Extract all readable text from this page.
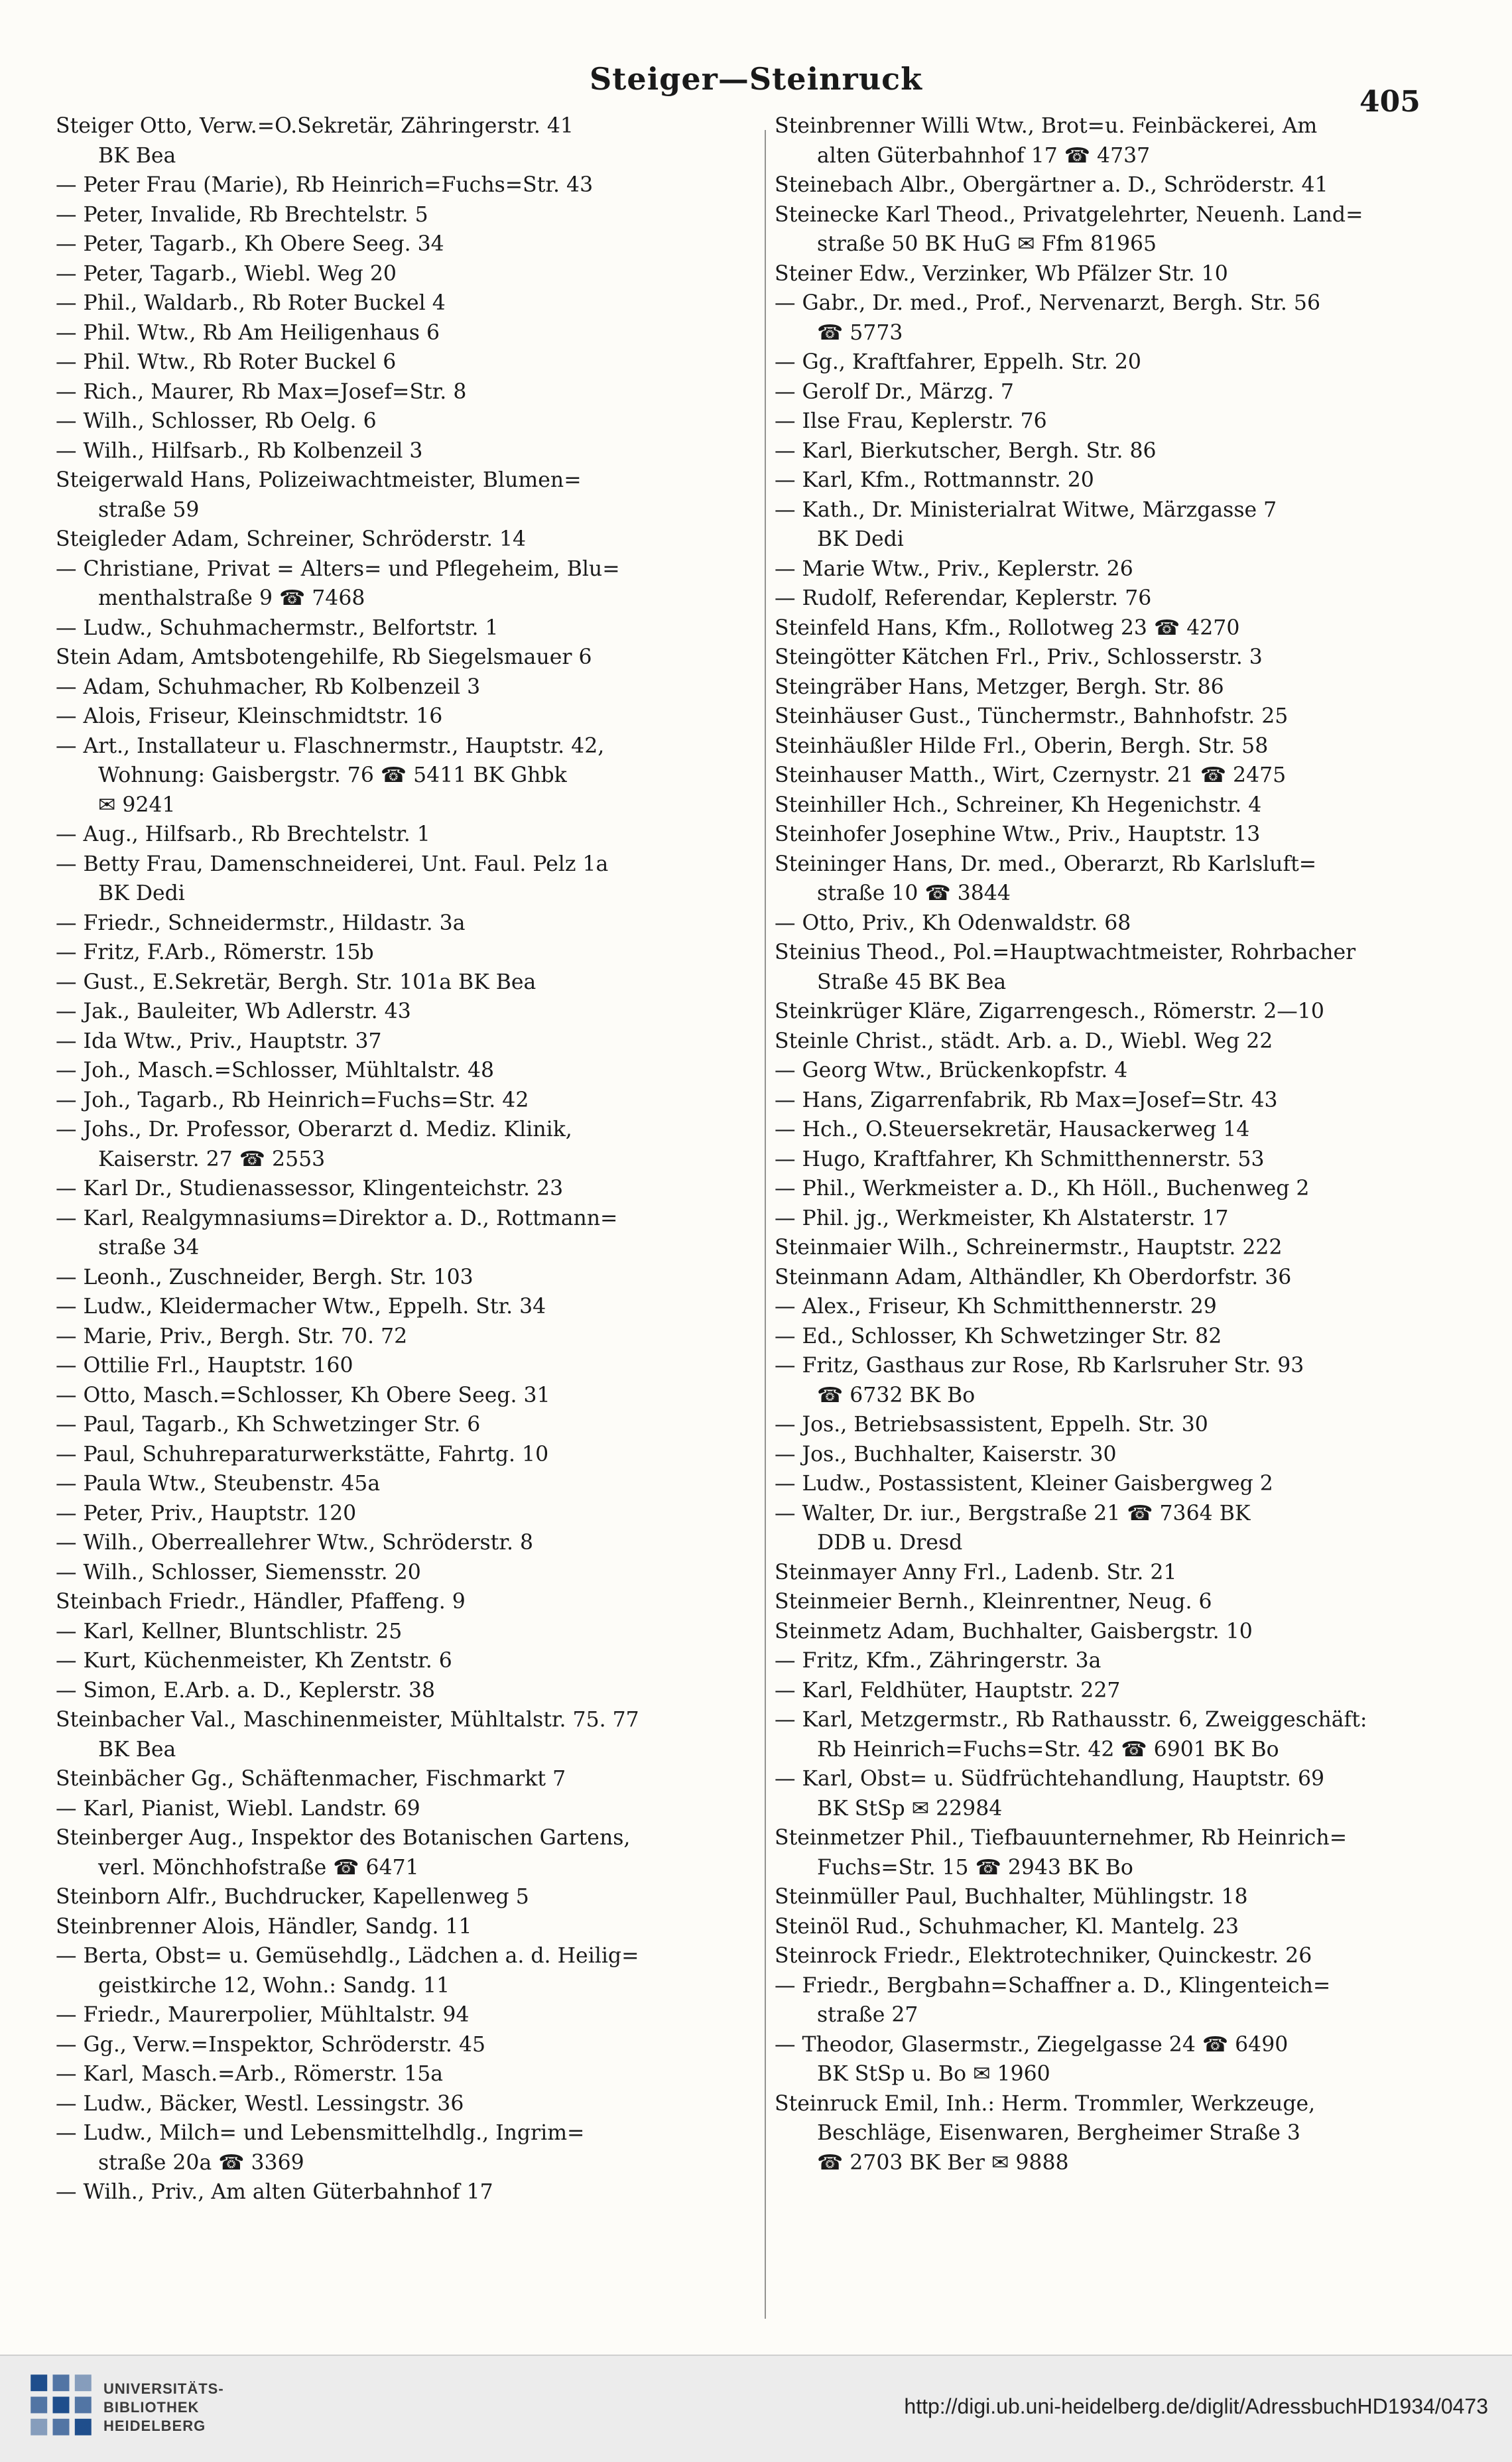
Steiger—Steinruck
405

Steiger Otto, Verw.=O.Sekretär, Zähringerstr. 41

BK Bea

— Peter Frau (Marie), Rb Heinrich=Fuchs=Str. 43

— Peter, Invalide, Rb Brechtelstr. 5

— Peter, Tagarb., Kh Obere Seeg. 34

— Peter, Tagarb., Wiebl. Weg 20

— Phil., Waldarb., Rb Roter Buckel 4

— Phil. Wtw., Rb Am Heiligenhaus 6

— Phil. Wtw., Rb Roter Buckel 6

— Rich., Maurer, Rb Max=Josef=Str. 8

— Wilh., Schlosser, Rb Oelg. 6

— Wilh., Hilfsarb., Rb Kolbenzeil 3

Steigerwald Hans, Polizeiwachtmeister, Blumen=

straße 59

Steigleder Adam, Schreiner, Schröderstr. 14

— Christiane, Privat = Alters= und Pflegeheim, Blu=

menthalstraße 9 ☎ 7468

— Ludw., Schuhmachermstr., Belfortstr. 1

Stein Adam, Amtsbotengehilfe, Rb Siegelsmauer 6

— Adam, Schuhmacher, Rb Kolbenzeil 3

— Alois, Friseur, Kleinschmidtstr. 16

— Art., Installateur u. Flaschnermstr., Hauptstr. 42,

Wohnung: Gaisbergstr. 76 ☎ 5411 BK Ghbk

✉ 9241

— Aug., Hilfsarb., Rb Brechtelstr. 1

— Betty Frau, Damenschneiderei, Unt. Faul. Pelz 1a

BK Dedi

— Friedr., Schneidermstr., Hildastr. 3a

— Fritz, F.Arb., Römerstr. 15b

— Gust., E.Sekretär, Bergh. Str. 101a BK Bea

— Jak., Bauleiter, Wb Adlerstr. 43

— Ida Wtw., Priv., Hauptstr. 37

— Joh., Masch.=Schlosser, Mühltalstr. 48

— Joh., Tagarb., Rb Heinrich=Fuchs=Str. 42

— Johs., Dr. Professor, Oberarzt d. Mediz. Klinik,

Kaiserstr. 27 ☎ 2553

— Karl Dr., Studienassessor, Klingenteichstr. 23

— Karl, Realgymnasiums=Direktor a. D., Rottmann=

straße 34

— Leonh., Zuschneider, Bergh. Str. 103

— Ludw., Kleidermacher Wtw., Eppelh. Str. 34

— Marie, Priv., Bergh. Str. 70. 72

— Ottilie Frl., Hauptstr. 160

— Otto, Masch.=Schlosser, Kh Obere Seeg. 31

— Paul, Tagarb., Kh Schwetzinger Str. 6

— Paul, Schuhreparaturwerkstätte, Fahrtg. 10

— Paula Wtw., Steubenstr. 45a

— Peter, Priv., Hauptstr. 120

— Wilh., Oberreallehrer Wtw., Schröderstr. 8

— Wilh., Schlosser, Siemensstr. 20

Steinbach Friedr., Händler, Pfaffeng. 9

— Karl, Kellner, Bluntschlistr. 25

— Kurt, Küchenmeister, Kh Zentstr. 6

— Simon, E.Arb. a. D., Keplerstr. 38

Steinbacher Val., Maschinenmeister, Mühltalstr. 75. 77

BK Bea

Steinbächer Gg., Schäftenmacher, Fischmarkt 7

— Karl, Pianist, Wiebl. Landstr. 69

Steinberger Aug., Inspektor des Botanischen Gartens,

verl. Mönchhofstraße ☎ 6471

Steinborn Alfr., Buchdrucker, Kapellenweg 5

Steinbrenner Alois, Händler, Sandg. 11

— Berta, Obst= u. Gemüsehdlg., Lädchen a. d. Heilig=

geistkirche 12, Wohn.: Sandg. 11

— Friedr., Maurerpolier, Mühltalstr. 94

— Gg., Verw.=Inspektor, Schröderstr. 45

— Karl, Masch.=Arb., Römerstr. 15a

— Ludw., Bäcker, Westl. Lessingstr. 36

— Ludw., Milch= und Lebensmittelhdlg., Ingrim=

straße 20a ☎ 3369

— Wilh., Priv., Am alten Güterbahnhof 17

Steinbrenner Willi Wtw., Brot=u. Feinbäckerei, Am

alten Güterbahnhof 17 ☎ 4737

Steinebach Albr., Obergärtner a. D., Schröderstr. 41

Steinecke Karl Theod., Privatgelehrter, Neuenh. Land=

straße 50 BK HuG ✉ Ffm 81965

Steiner Edw., Verzinker, Wb Pfälzer Str. 10

— Gabr., Dr. med., Prof., Nervenarzt, Bergh. Str. 56

☎ 5773

— Gg., Kraftfahrer, Eppelh. Str. 20

— Gerolf Dr., Märzg. 7

— Ilse Frau, Keplerstr. 76

— Karl, Bierkutscher, Bergh. Str. 86

— Karl, Kfm., Rottmannstr. 20

— Kath., Dr. Ministerialrat Witwe, Märzgasse 7

BK Dedi

— Marie Wtw., Priv., Keplerstr. 26

— Rudolf, Referendar, Keplerstr. 76

Steinfeld Hans, Kfm., Rollotweg 23 ☎ 4270

Steingötter Kätchen Frl., Priv., Schlosserstr. 3

Steingräber Hans, Metzger, Bergh. Str. 86

Steinhäuser Gust., Tünchermstr., Bahnhofstr. 25

Steinhäußler Hilde Frl., Oberin, Bergh. Str. 58

Steinhauser Matth., Wirt, Czernystr. 21 ☎ 2475

Steinhiller Hch., Schreiner, Kh Hegenichstr. 4

Steinhofer Josephine Wtw., Priv., Hauptstr. 13

Steininger Hans, Dr. med., Oberarzt, Rb Karlsluft=

straße 10 ☎ 3844

— Otto, Priv., Kh Odenwaldstr. 68

Steinius Theod., Pol.=Hauptwachtmeister, Rohrbacher

Straße 45 BK Bea

Steinkrüger Kläre, Zigarrengesch., Römerstr. 2—10

Steinle Christ., städt. Arb. a. D., Wiebl. Weg 22

— Georg Wtw., Brückenkopfstr. 4

— Hans, Zigarrenfabrik, Rb Max=Josef=Str. 43

— Hch., O.Steuersekretär, Hausackerweg 14

— Hugo, Kraftfahrer, Kh Schmitthennerstr. 53

— Phil., Werkmeister a. D., Kh Höll., Buchenweg 2

— Phil. jg., Werkmeister, Kh Alstaterstr. 17

Steinmaier Wilh., Schreinermstr., Hauptstr. 222

Steinmann Adam, Althändler, Kh Oberdorfstr. 36

— Alex., Friseur, Kh Schmitthennerstr. 29

— Ed., Schlosser, Kh Schwetzinger Str. 82

— Fritz, Gasthaus zur Rose, Rb Karlsruher Str. 93

☎ 6732 BK Bo

— Jos., Betriebsassistent, Eppelh. Str. 30

— Jos., Buchhalter, Kaiserstr. 30

— Ludw., Postassistent, Kleiner Gaisbergweg 2

— Walter, Dr. iur., Bergstraße 21 ☎ 7364 BK

DDB u. Dresd

Steinmayer Anny Frl., Ladenb. Str. 21

Steinmeier Bernh., Kleinrentner, Neug. 6

Steinmetz Adam, Buchhalter, Gaisbergstr. 10

— Fritz, Kfm., Zähringerstr. 3a

— Karl, Feldhüter, Hauptstr. 227

— Karl, Metzgermstr., Rb Rathausstr. 6, Zweiggeschäft:

Rb Heinrich=Fuchs=Str. 42 ☎ 6901 BK Bo

— Karl, Obst= u. Südfrüchtehandlung, Hauptstr. 69

BK StSp ✉ 22984

Steinmetzer Phil., Tiefbauunternehmer, Rb Heinrich=

Fuchs=Str. 15 ☎ 2943 BK Bo

Steinmüller Paul, Buchhalter, Mühlingstr. 18

Steinöl Rud., Schuhmacher, Kl. Mantelg. 23

Steinrock Friedr., Elektrotechniker, Quinckestr. 26

— Friedr., Bergbahn=Schaffner a. D., Klingenteich=

straße 27

— Theodor, Glasermstr., Ziegelgasse 24 ☎ 6490

BK StSp u. Bo ✉ 1960

Steinruck Emil, Inh.: Herm. Trommler, Werkzeuge,

Beschläge, Eisenwaren, Bergheimer Straße 3

☎ 2703 BK Ber ✉ 9888

UNIVERSITÄTS-
BIBLIOTHEK
HEIDELBERG
http://digi.ub.uni-heidelberg.de/diglit/AdressbuchHD1934/0473
